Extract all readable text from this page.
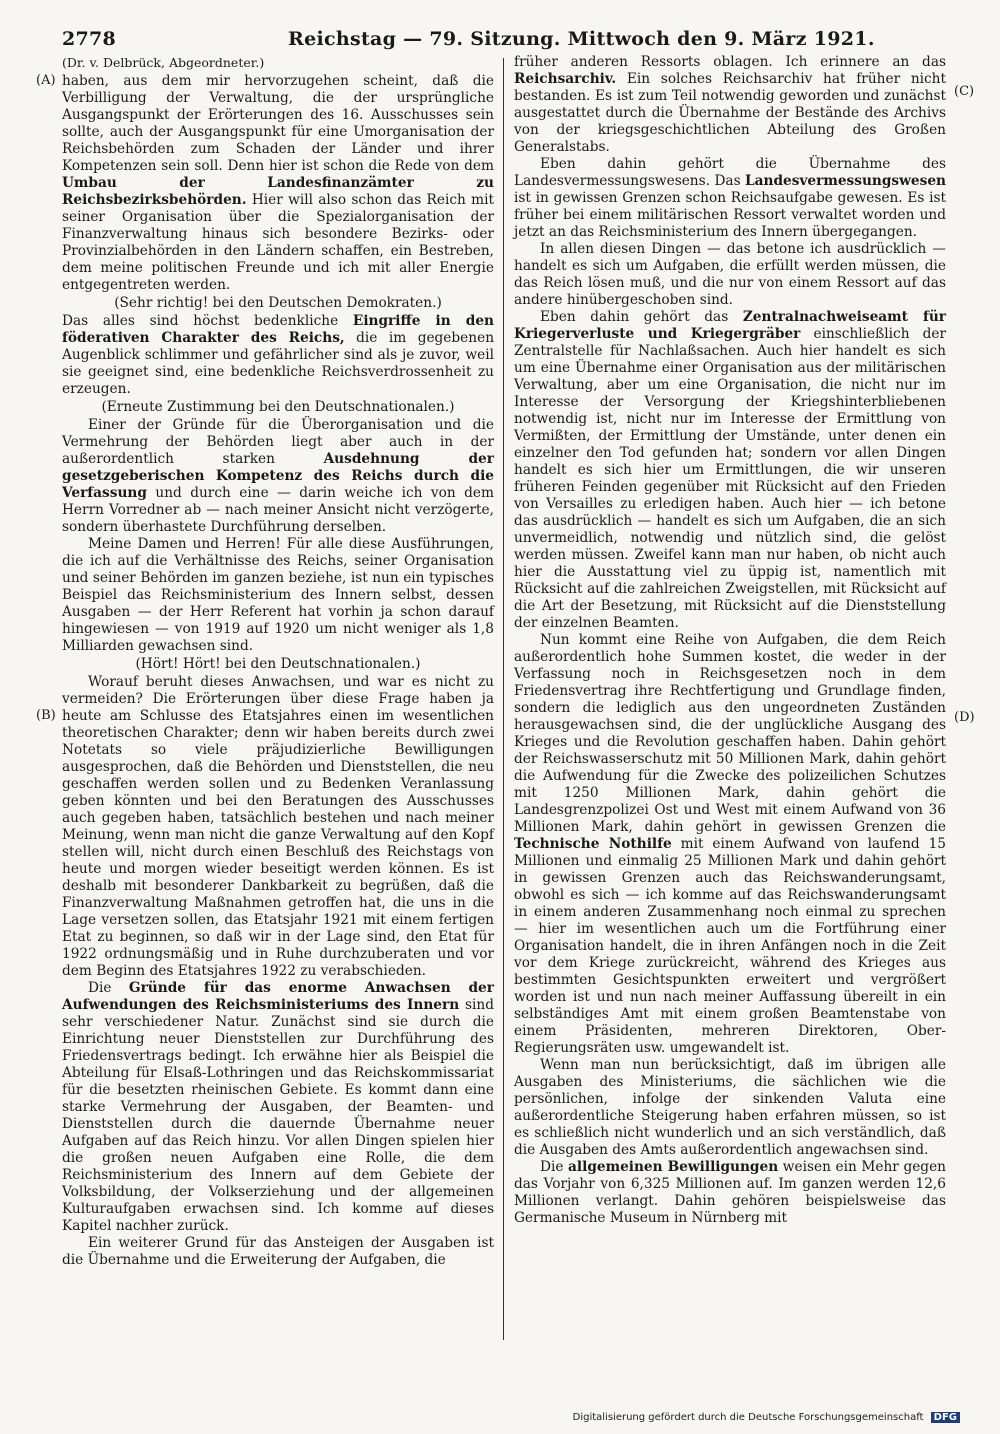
2778	Reichstag — 79. Sitzung. Mittwoch den 9. März 1921.
(A)
(B)
(C)
(D)

(Dr. v. Delbrück, Abgeordneter.)

haben, aus dem mir hervorzugehen scheint, daß die Verbilligung der Verwaltung, die der ursprüngliche Ausgangspunkt der Erörterungen des 16. Ausschusses sein sollte, auch der Ausgangspunkt für eine Umorganisation der Reichsbehörden zum Schaden der Länder und ihrer Kompetenzen sein soll. Denn hier ist schon die Rede von dem Umbau der Landesfinanzämter zu Reichsbezirksbehörden. Hier will also schon das Reich mit seiner Organisation über die Spezialorganisation der Finanzverwaltung hinaus sich besondere Bezirks- oder Provinzialbehörden in den Ländern schaffen, ein Bestreben, dem meine politischen Freunde und ich mit aller Energie entgegentreten werden.

(Sehr richtig! bei den Deutschen Demokraten.)

Das alles sind höchst bedenkliche Eingriffe in den föderativen Charakter des Reichs, die im gegebenen Augenblick schlimmer und gefährlicher sind als je zuvor, weil sie geeignet sind, eine bedenkliche Reichsverdrossenheit zu erzeugen.

(Erneute Zustimmung bei den Deutschnationalen.)

Einer der Gründe für die Überorganisation und die Vermehrung der Behörden liegt aber auch in der außerordentlich starken Ausdehnung der gesetzgeberischen Kompetenz des Reichs durch die Verfassung und durch eine — darin weiche ich von dem Herrn Vorredner ab — nach meiner Ansicht nicht verzögerte, sondern überhastete Durchführung derselben.

Meine Damen und Herren! Für alle diese Ausführungen, die ich auf die Verhältnisse des Reichs, seiner Organisation und seiner Behörden im ganzen beziehe, ist nun ein typisches Beispiel das Reichsministerium des Innern selbst, dessen Ausgaben — der Herr Referent hat vorhin ja schon darauf hingewiesen — von 1919 auf 1920 um nicht weniger als 1,8 Milliarden gewachsen sind.

(Hört! Hört! bei den Deutschnationalen.)

Worauf beruht dieses Anwachsen, und war es nicht zu vermeiden? Die Erörterungen über diese Frage haben ja heute am Schlusse des Etatsjahres einen im wesentlichen theoretischen Charakter; denn wir haben bereits durch zwei Notetats so viele präjudizierliche Bewilligungen ausgesprochen, daß die Behörden und Dienststellen, die neu geschaffen werden sollen und zu Bedenken Veranlassung geben könnten und bei den Beratungen des Ausschusses auch gegeben haben, tatsächlich bestehen und nach meiner Meinung, wenn man nicht die ganze Verwaltung auf den Kopf stellen will, nicht durch einen Beschluß des Reichstags von heute und morgen wieder beseitigt werden können. Es ist deshalb mit besonderer Dankbarkeit zu begrüßen, daß die Finanzverwaltung Maßnahmen getroffen hat, die uns in die Lage versetzen sollen, das Etatsjahr 1921 mit einem fertigen Etat zu beginnen, so daß wir in der Lage sind, den Etat für 1922 ordnungsmäßig und in Ruhe durchzuberaten und vor dem Beginn des Etatsjahres 1922 zu verabschieden.

Die Gründe für das enorme Anwachsen der Aufwendungen des Reichsministeriums des Innern sind sehr verschiedener Natur. Zunächst sind sie durch die Einrichtung neuer Dienststellen zur Durchführung des Friedensvertrags bedingt. Ich erwähne hier als Beispiel die Abteilung für Elsaß-Lothringen und das Reichskommissariat für die besetzten rheinischen Gebiete. Es kommt dann eine starke Vermehrung der Ausgaben, der Beamten- und Dienststellen durch die dauernde Übernahme neuer Aufgaben auf das Reich hinzu. Vor allen Dingen spielen hier die großen neuen Aufgaben eine Rolle, die dem Reichsministerium des Innern auf dem Gebiete der Volksbildung, der Volkserziehung und der allgemeinen Kulturaufgaben erwachsen sind. Ich komme auf dieses Kapitel nachher zurück.

Ein weiterer Grund für das Ansteigen der Ausgaben ist die Übernahme und die Erweiterung der Aufgaben, die

früher anderen Ressorts oblagen. Ich erinnere an das Reichsarchiv. Ein solches Reichsarchiv hat früher nicht bestanden. Es ist zum Teil notwendig geworden und zunächst ausgestattet durch die Übernahme der Bestände des Archivs von der kriegsgeschichtlichen Abteilung des Großen Generalstabs.

Eben dahin gehört die Übernahme des Landesvermessungswesens. Das Landesvermessungswesen ist in gewissen Grenzen schon Reichsaufgabe gewesen. Es ist früher bei einem militärischen Ressort verwaltet worden und jetzt an das Reichsministerium des Innern übergegangen.

In allen diesen Dingen — das betone ich ausdrücklich — handelt es sich um Aufgaben, die erfüllt werden müssen, die das Reich lösen muß, und die nur von einem Ressort auf das andere hinübergeschoben sind.

Eben dahin gehört das Zentralnachweiseamt für Kriegerverluste und Kriegergräber einschließlich der Zentralstelle für Nachlaßsachen. Auch hier handelt es sich um eine Übernahme einer Organisation aus der militärischen Verwaltung, aber um eine Organisation, die nicht nur im Interesse der Versorgung der Kriegshinterbliebenen notwendig ist, nicht nur im Interesse der Ermittlung von Vermißten, der Ermittlung der Umstände, unter denen ein einzelner den Tod gefunden hat; sondern vor allen Dingen handelt es sich hier um Ermittlungen, die wir unseren früheren Feinden gegenüber mit Rücksicht auf den Frieden von Versailles zu erledigen haben. Auch hier — ich betone das ausdrücklich — handelt es sich um Aufgaben, die an sich unvermeidlich, notwendig und nützlich sind, die gelöst werden müssen. Zweifel kann man nur haben, ob nicht auch hier die Ausstattung viel zu üppig ist, namentlich mit Rücksicht auf die zahlreichen Zweigstellen, mit Rücksicht auf die Art der Besetzung, mit Rücksicht auf die Dienststellung der einzelnen Beamten.

Nun kommt eine Reihe von Aufgaben, die dem Reich außerordentlich hohe Summen kostet, die weder in der Verfassung noch in Reichsgesetzen noch in dem Friedensvertrag ihre Rechtfertigung und Grundlage finden, sondern die lediglich aus den ungeordneten Zuständen herausgewachsen sind, die der unglückliche Ausgang des Krieges und die Revolution geschaffen haben. Dahin gehört der Reichswasserschutz mit 50 Millionen Mark, dahin gehört die Aufwendung für die Zwecke des polizeilichen Schutzes mit 1250 Millionen Mark, dahin gehört die Landesgrenzpolizei Ost und West mit einem Aufwand von 36 Millionen Mark, dahin gehört in gewissen Grenzen die Technische Nothilfe mit einem Aufwand von laufend 15 Millionen und einmalig 25 Millionen Mark und dahin gehört in gewissen Grenzen auch das Reichswanderungsamt, obwohl es sich — ich komme auf das Reichswanderungsamt in einem anderen Zusammenhang noch einmal zu sprechen — hier im wesentlichen auch um die Fortführung einer Organisation handelt, die in ihren Anfängen noch in die Zeit vor dem Kriege zurückreicht, während des Krieges aus bestimmten Gesichtspunkten erweitert und vergrößert worden ist und nun nach meiner Auffassung übereilt in ein selbständiges Amt mit einem großen Beamtenstabe von einem Präsidenten, mehreren Direktoren, Ober-Regierungsräten usw. umgewandelt ist.

Wenn man nun berücksichtigt, daß im übrigen alle Ausgaben des Ministeriums, die sächlichen wie die persönlichen, infolge der sinkenden Valuta eine außerordentliche Steigerung haben erfahren müssen, so ist es schließlich nicht wunderlich und an sich verständlich, daß die Ausgaben des Amts außerordentlich angewachsen sind.

Die allgemeinen Bewilligungen weisen ein Mehr gegen das Vorjahr von 6,325 Millionen auf. Im ganzen werden 12,6 Millionen verlangt. Dahin gehören beispielsweise das Germanische Museum in Nürnberg mit

Digitalisierung gefördert durch die Deutsche Forschungsgemeinschaft DFG
